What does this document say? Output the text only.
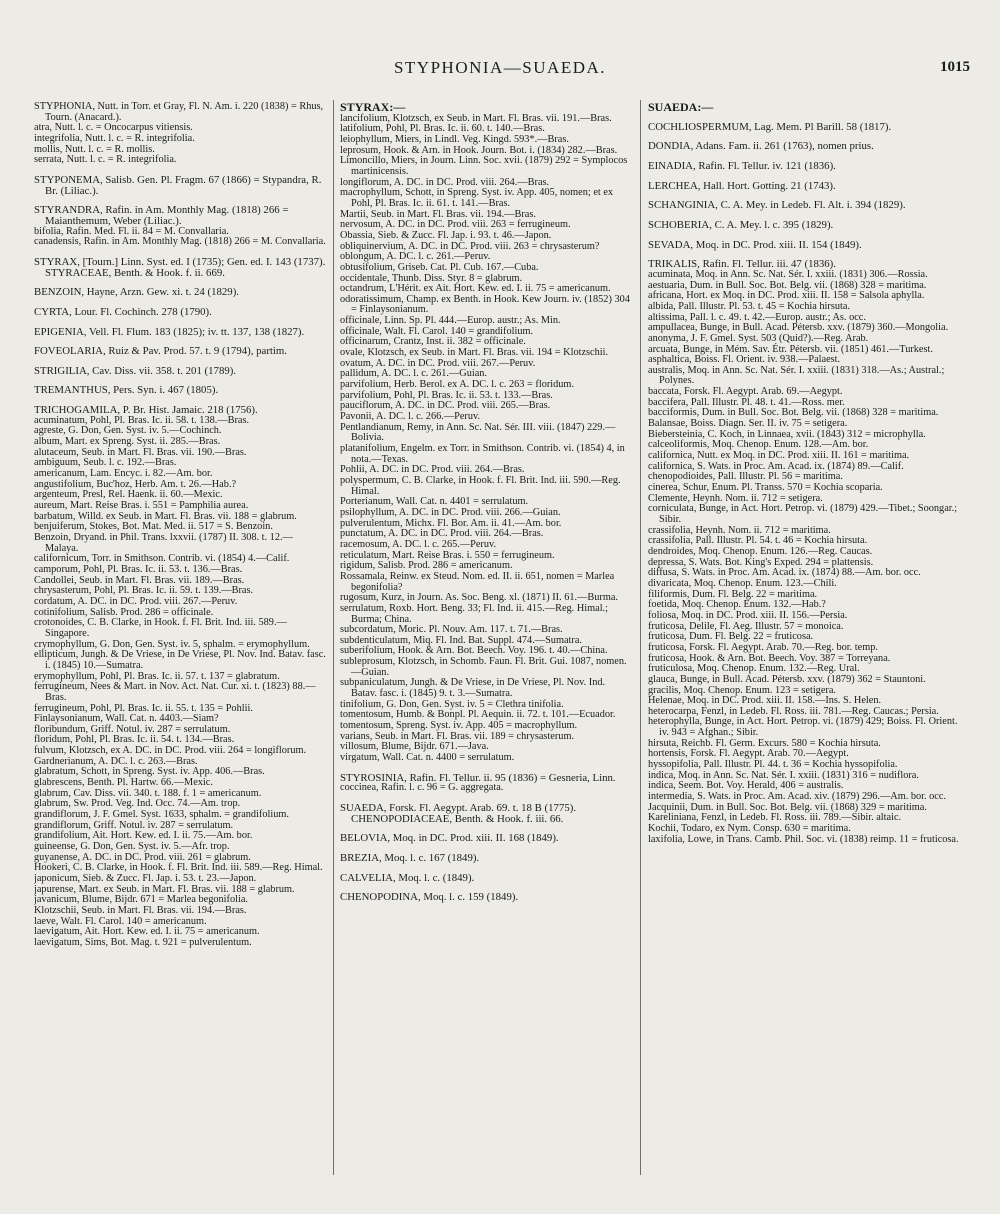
STYPHONIA—SUAEDA.	1015

STYPHONIA, Nutt. in Torr. et Gray, Fl. N. Am. i. 220 (1838) = Rhus, Tourn. (Anacard.).

atra, Nutt. l. c. = Oncocarpus vitiensis.

integrifolia, Nutt. l. c. = R. integrifolia.

mollis, Nutt. l. c. = R. mollis.

serrata, Nutt. l. c. = R. integrifolia.

STYPONEMA, Salisb. Gen. Pl. Fragm. 67 (1866) = Stypandra, R. Br. (Liliac.).

STYRANDRA, Rafin. in Am. Monthly Mag. (1818) 266 = Maianthemum, Weber (Liliac.).

bifolia, Rafin. Med. Fl. ii. 84 = M. Convallaria.

canadensis, Rafin. in Am. Monthly Mag. (1818) 266 = M. Convallaria.

STYRAX, [Tourn.] Linn. Syst. ed. I (1735); Gen. ed. I. 143 (1737). STYRACEAE, Benth. & Hook. f. ii. 669.

BENZOIN, Hayne, Arzn. Gew. xi. t. 24 (1829).

CYRTA, Lour. Fl. Cochinch. 278 (1790).

EPIGENIA, Vell. Fl. Flum. 183 (1825); iv. tt. 137, 138 (1827).

FOVEOLARIA, Ruiz & Pav. Prod. 57. t. 9 (1794), partim.

STRIGILIA, Cav. Diss. vii. 358. t. 201 (1789).

TREMANTHUS, Pers. Syn. i. 467 (1805).

TRICHOGAMILA, P. Br. Hist. Jamaic. 218 (1756).

acuminatum, Pohl, Pl. Bras. Ic. ii. 58. t. 138.—Bras.

agreste, G. Don, Gen. Syst. iv. 5.—Cochinch.

album, Mart. ex Spreng. Syst. ii. 285.—Bras.

alutaceum, Seub. in Mart. Fl. Bras. vii. 190.—Bras.

ambiguum, Seub. l. c. 192.—Bras.

americanum, Lam. Encyc. i. 82.—Am. bor.

angustifolium, Buc'hoz, Herb. Am. t. 26.—Hab.?

argenteum, Presl, Rel. Haenk. ii. 60.—Mexic.

aureum, Mart. Reise Bras. i. 551 = Pamphilia aurea.

barbatum, Willd. ex Seub. in Mart. Fl. Bras. vii. 188 = glabrum.

benjuiferum, Stokes, Bot. Mat. Med. ii. 517 = S. Benzoin.

Benzoin, Dryand. in Phil. Trans. lxxvii. (1787) II. 308. t. 12.—Malaya.

californicum, Torr. in Smithson. Contrib. vi. (1854) 4.—Calif.

camporum, Pohl, Pl. Bras. Ic. ii. 53. t. 136.—Bras.

Candollei, Seub. in Mart. Fl. Bras. vii. 189.—Bras.

chrysasterum, Pohl, Pl. Bras. Ic. ii. 59. t. 139.—Bras.

cordatum, A. DC. in DC. Prod. viii. 267.—Peruv.

cotinifolium, Salisb. Prod. 286 = officinale.

crotonoides, C. B. Clarke, in Hook. f. Fl. Brit. Ind. iii. 589.—Singapore.

crymophyllum, G. Don, Gen. Syst. iv. 5, sphalm. = erymophyllum.

ellipticum, Jungh. & De Vriese, in De Vriese, Pl. Nov. Ind. Batav. fasc. i. (1845) 10.—Sumatra.

erymophyllum, Pohl, Pl. Bras. Ic. ii. 57. t. 137 = glabratum.

ferrugineum, Nees & Mart. in Nov. Act. Nat. Cur. xi. t. (1823) 88.—Bras.

ferrugineum, Pohl, Pl. Bras. Ic. ii. 55. t. 135 = Pohlii.

Finlaysonianum, Wall. Cat. n. 4403.—Siam?

floribundum, Griff. Notul. iv. 287 = serrulatum.

floridum, Pohl, Pl. Bras. Ic. ii. 54. t. 134.—Bras.

fulvum, Klotzsch, ex A. DC. in DC. Prod. viii. 264 = longiflorum.

Gardnerianum, A. DC. l. c. 263.—Bras.

glabratum, Schott, in Spreng. Syst. iv. App. 406.—Bras.

glabrescens, Benth. Pl. Hartw. 66.—Mexic.

glabrum, Cav. Diss. vii. 340. t. 188. f. 1 = americanum.

glabrum, Sw. Prod. Veg. Ind. Occ. 74.—Am. trop.

grandiflorum, J. F. Gmel. Syst. 1633, sphalm. = grandifolium.

grandiflorum, Griff. Notul. iv. 287 = serrulatum.

grandifolium, Ait. Hort. Kew. ed. I. ii. 75.—Am. bor.

guineense, G. Don, Gen. Syst. iv. 5.—Afr. trop.

guyanense, A. DC. in DC. Prod. viii. 261 = glabrum.

Hookeri, C. B. Clarke, in Hook. f. Fl. Brit. Ind. iii. 589.—Reg. Himal.

japonicum, Sieb. & Zucc. Fl. Jap. i. 53. t. 23.—Japon.

japurense, Mart. ex Seub. in Mart. Fl. Bras. vii. 188 = glabrum.

javanicum, Blume, Bijdr. 671 = Marlea begonifolia.

Klotzschii, Seub. in Mart. Fl. Bras. vii. 194.—Bras.

laeve, Walt. Fl. Carol. 140 = americanum.

laevigatum, Ait. Hort. Kew. ed. I. ii. 75 = americanum.

laevigatum, Sims, Bot. Mag. t. 921 = pulverulentum.

STYRAX:—

lancifolium, Klotzsch, ex Seub. in Mart. Fl. Bras. vii. 191.—Bras.

latifolium, Pohl, Pl. Bras. Ic. ii. 60. t. 140.—Bras.

leiophyllum, Miers, in Lindl. Veg. Kingd. 593*.—Bras.

leprosum, Hook. & Arn. in Hook. Journ. Bot. i. (1834) 282.—Bras.

Limoncillo, Miers, in Journ. Linn. Soc. xvii. (1879) 292 = Symplocos martinicensis.

longiflorum, A. DC. in DC. Prod. viii. 264.—Bras.

macrophyllum, Schott, in Spreng. Syst. iv. App. 405, nomen; et ex Pohl, Pl. Bras. Ic. ii. 61. t. 141.—Bras.

Martii, Seub. in Mart. Fl. Bras. vii. 194.—Bras.

nervosum, A. DC. in DC. Prod. viii. 263 = ferrugineum.

Obassia, Sieb. & Zucc. Fl. Jap. i. 93. t. 46.—Japon.

obliquinervium, A. DC. in DC. Prod. viii. 263 = chrysasterum?

oblongum, A. DC. l. c. 261.—Peruv.

obtusifolium, Griseb. Cat. Pl. Cub. 167.—Cuba.

occidentale, Thunb. Diss. Styr. 8 = glabrum.

octandrum, L'Hérit. ex Ait. Hort. Kew. ed. I. ii. 75 = americanum.

odoratissimum, Champ. ex Benth. in Hook. Kew Journ. iv. (1852) 304 = Finlaysonianum.

officinale, Linn. Sp. Pl. 444.—Europ. austr.; As. Min.

officinale, Walt. Fl. Carol. 140 = grandifolium.

officinarum, Crantz, Inst. ii. 382 = officinale.

ovale, Klotzsch, ex Seub. in Mart. Fl. Bras. vii. 194 = Klotzschii.

ovatum, A. DC. in DC. Prod. viii. 267.—Peruv.

pallidum, A. DC. l. c. 261.—Guian.

parvifolium, Herb. Berol. ex A. DC. l. c. 263 = floridum.

parvifolium, Pohl, Pl. Bras. Ic. ii. 53. t. 133.—Bras.

pauciflorum, A. DC. in DC. Prod. viii. 265.—Bras.

Pavonii, A. DC. l. c. 266.—Peruv.

Pentlandianum, Remy, in Ann. Sc. Nat. Sér. III. viii. (1847) 229.—Bolivia.

platanifolium, Engelm. ex Torr. in Smithson. Contrib. vi. (1854) 4, in nota.—Texas.

Pohlii, A. DC. in DC. Prod. viii. 264.—Bras.

polyspermum, C. B. Clarke, in Hook. f. Fl. Brit. Ind. iii. 590.—Reg. Himal.

Porterianum, Wall. Cat. n. 4401 = serrulatum.

psilophyllum, A. DC. in DC. Prod. viii. 266.—Guian.

pulverulentum, Michx. Fl. Bor. Am. ii. 41.—Am. bor.

punctatum, A. DC. in DC. Prod. viii. 264.—Bras.

racemosum, A. DC. l. c. 265.—Peruv.

reticulatum, Mart. Reise Bras. i. 550 = ferrugineum.

rigidum, Salisb. Prod. 286 = americanum.

Rossamala, Reinw. ex Steud. Nom. ed. II. ii. 651, nomen = Marlea begonifolia?

rugosum, Kurz, in Journ. As. Soc. Beng. xl. (1871) II. 61.—Burma.

serrulatum, Roxb. Hort. Beng. 33; Fl. Ind. ii. 415.—Reg. Himal.; Burma; China.

subcordatum, Moric. Pl. Nouv. Am. 117. t. 71.—Bras.

subdenticulatum, Miq. Fl. Ind. Bat. Suppl. 474.—Sumatra.

suberifolium, Hook. & Arn. Bot. Beech. Voy. 196. t. 40.—China.

subleprosum, Klotzsch, in Schomb. Faun. Fl. Brit. Gui. 1087, nomen.—Guian.

subpaniculatum, Jungh. & De Vriese, in De Vriese, Pl. Nov. Ind. Batav. fasc. i. (1845) 9. t. 3.—Sumatra.

tinifolium, G. Don, Gen. Syst. iv. 5 = Clethra tinifolia.

tomentosum, Humb. & Bonpl. Pl. Aequin. ii. 72. t. 101.—Ecuador.

tomentosum, Spreng. Syst. iv. App. 405 = macrophyllum.

varians, Seub. in Mart. Fl. Bras. vii. 189 = chrysasterum.

villosum, Blume, Bijdr. 671.—Java.

virgatum, Wall. Cat. n. 4400 = serrulatum.

STYROSINIA, Rafin. Fl. Tellur. ii. 95 (1836) = Gesneria, Linn.

coccinea, Rafin. l. c. 96 = G. aggregata.

SUAEDA, Forsk. Fl. Aegypt. Arab. 69. t. 18 B (1775). CHENOPODIACEAE, Benth. & Hook. f. iii. 66.

BELOVIA, Moq. in DC. Prod. xiii. II. 168 (1849).

BREZIA, Moq. l. c. 167 (1849).

CALVELIA, Moq. l. c. (1849).

CHENOPODINA, Moq. l. c. 159 (1849).

SUAEDA:—

COCHLIOSPERMUM, Lag. Mem. Pl Barill. 58 (1817).

DONDIA, Adans. Fam. ii. 261 (1763), nomen prius.

EINADIA, Rafin. Fl. Tellur. iv. 121 (1836).

LERCHEA, Hall. Hort. Gotting. 21 (1743).

SCHANGINIA, C. A. Mey. in Ledeb. Fl. Alt. i. 394 (1829).

SCHOBERIA, C. A. Mey. l. c. 395 (1829).

SEVADA, Moq. in DC. Prod. xiii. II. 154 (1849).

TRIKALIS, Rafin. Fl. Tellur. iii. 47 (1836).

acuminata, Moq. in Ann. Sc. Nat. Sér. I. xxiii. (1831) 306.—Rossia.

aestuaria, Dum. in Bull. Soc. Bot. Belg. vii. (1868) 328 = maritima.

africana, Hort. ex Moq. in DC. Prod. xiii. II. 158 = Salsola aphylla.

albida, Pall. Illustr. Pl. 53. t. 45 = Kochia hirsuta.

altissima, Pall. l. c. 49. t. 42.—Europ. austr.; As. occ.

ampullacea, Bunge, in Bull. Acad. Pétersb. xxv. (1879) 360.—Mongolia.

anonyma, J. F. Gmel. Syst. 503 (Quid?).—Reg. Arab.

arcuata, Bunge, in Mém. Sav. Étr. Pétersb. vii. (1851) 461.—Turkest.

asphaltica, Boiss. Fl. Orient. iv. 938.—Palaest.

australis, Moq. in Ann. Sc. Nat. Sér. I. xxiii. (1831) 318.—As.; Austral.; Polynes.

baccata, Forsk. Fl. Aegypt. Arab. 69.—Aegypt.

baccifera, Pall. Illustr. Pl. 48. t. 41.—Ross. mer.

bacciformis, Dum. in Bull. Soc. Bot. Belg. vii. (1868) 328 = maritima.

Balansae, Boiss. Diagn. Ser. II. iv. 75 = setigera.

Biebersteinia, C. Koch, in Linnaea, xvii. (1843) 312 = microphylla.

calceoliformis, Moq. Chenop. Enum. 128.—Am. bor.

californica, Nutt. ex Moq. in DC. Prod. xiii. II. 161 = maritima.

californica, S. Wats. in Proc. Am. Acad. ix. (1874) 89.—Calif.

chenopodioides, Pall. Illustr. Pl. 56 = maritima.

cinerea, Schur, Enum. Pl. Transs. 570 = Kochia scoparia.

Clemente, Heynh. Nom. ii. 712 = setigera.

corniculata, Bunge, in Act. Hort. Petrop. vi. (1879) 429.—Tibet.; Soongar.; Sibir.

crassifolia, Heynh. Nom. ii. 712 = maritima.

crassifolia, Pall. Illustr. Pl. 54. t. 46 = Kochia hirsuta.

dendroides, Moq. Chenop. Enum. 126.—Reg. Caucas.

depressa, S. Wats. Bot. King's Exped. 294 = plattensis.

diffusa, S. Wats. in Proc. Am. Acad. ix. (1874) 88.—Am. bor. occ.

divaricata, Moq. Chenop. Enum. 123.—Chili.

filiformis, Dum. Fl. Belg. 22 = maritima.

foetida, Moq. Chenop. Enum. 132.—Hab.?

foliosa, Moq. in DC. Prod. xiii. II. 156.—Persia.

fruticosa, Delile, Fl. Aeg. Illustr. 57 = monoica.

fruticosa, Dum. Fl. Belg. 22 = fruticosa.

fruticosa, Forsk. Fl. Aegypt. Arab. 70.—Reg. bor. temp.

fruticosa, Hook. & Arn. Bot. Beech. Voy. 387 = Torreyana.

fruticulosa, Moq. Chenop. Enum. 132.—Reg. Ural.

glauca, Bunge, in Bull. Acad. Pétersb. xxv. (1879) 362 = Stauntoni.

gracilis, Moq. Chenop. Enum. 123 = setigera.

Helenae, Moq. in DC. Prod. xiii. II. 158.—Ins. S. Helen.

heterocarpa, Fenzl, in Ledeb. Fl. Ross. iii. 781.—Reg. Caucas.; Persia.

heterophylla, Bunge, in Act. Hort. Petrop. vi. (1879) 429; Boiss. Fl. Orient. iv. 943 = Afghan.; Sibir.

hirsuta, Reichb. Fl. Germ. Excurs. 580 = Kochia hirsuta.

hortensis, Forsk. Fl. Aegypt. Arab. 70.—Aegypt.

hyssopifolia, Pall. Illustr. Pl. 44. t. 36 = Kochia hyssopifolia.

indica, Moq. in Ann. Sc. Nat. Sér. I. xxiii. (1831) 316 = nudiflora.

indica, Seem. Bot. Voy. Herald, 406 = australis.

intermedia, S. Wats. in Proc. Am. Acad. xiv. (1879) 296.—Am. bor. occ.

Jacquinii, Dum. in Bull. Soc. Bot. Belg. vii. (1868) 329 = maritima.

Kareliniana, Fenzl, in Ledeb. Fl. Ross. iii. 789.—Sibir. altaic.

Kochii, Todaro, ex Nym. Consp. 630 = maritima.

laxifolia, Lowe, in Trans. Camb. Phil. Soc. vi. (1838) reimp. 11 = fruticosa.
